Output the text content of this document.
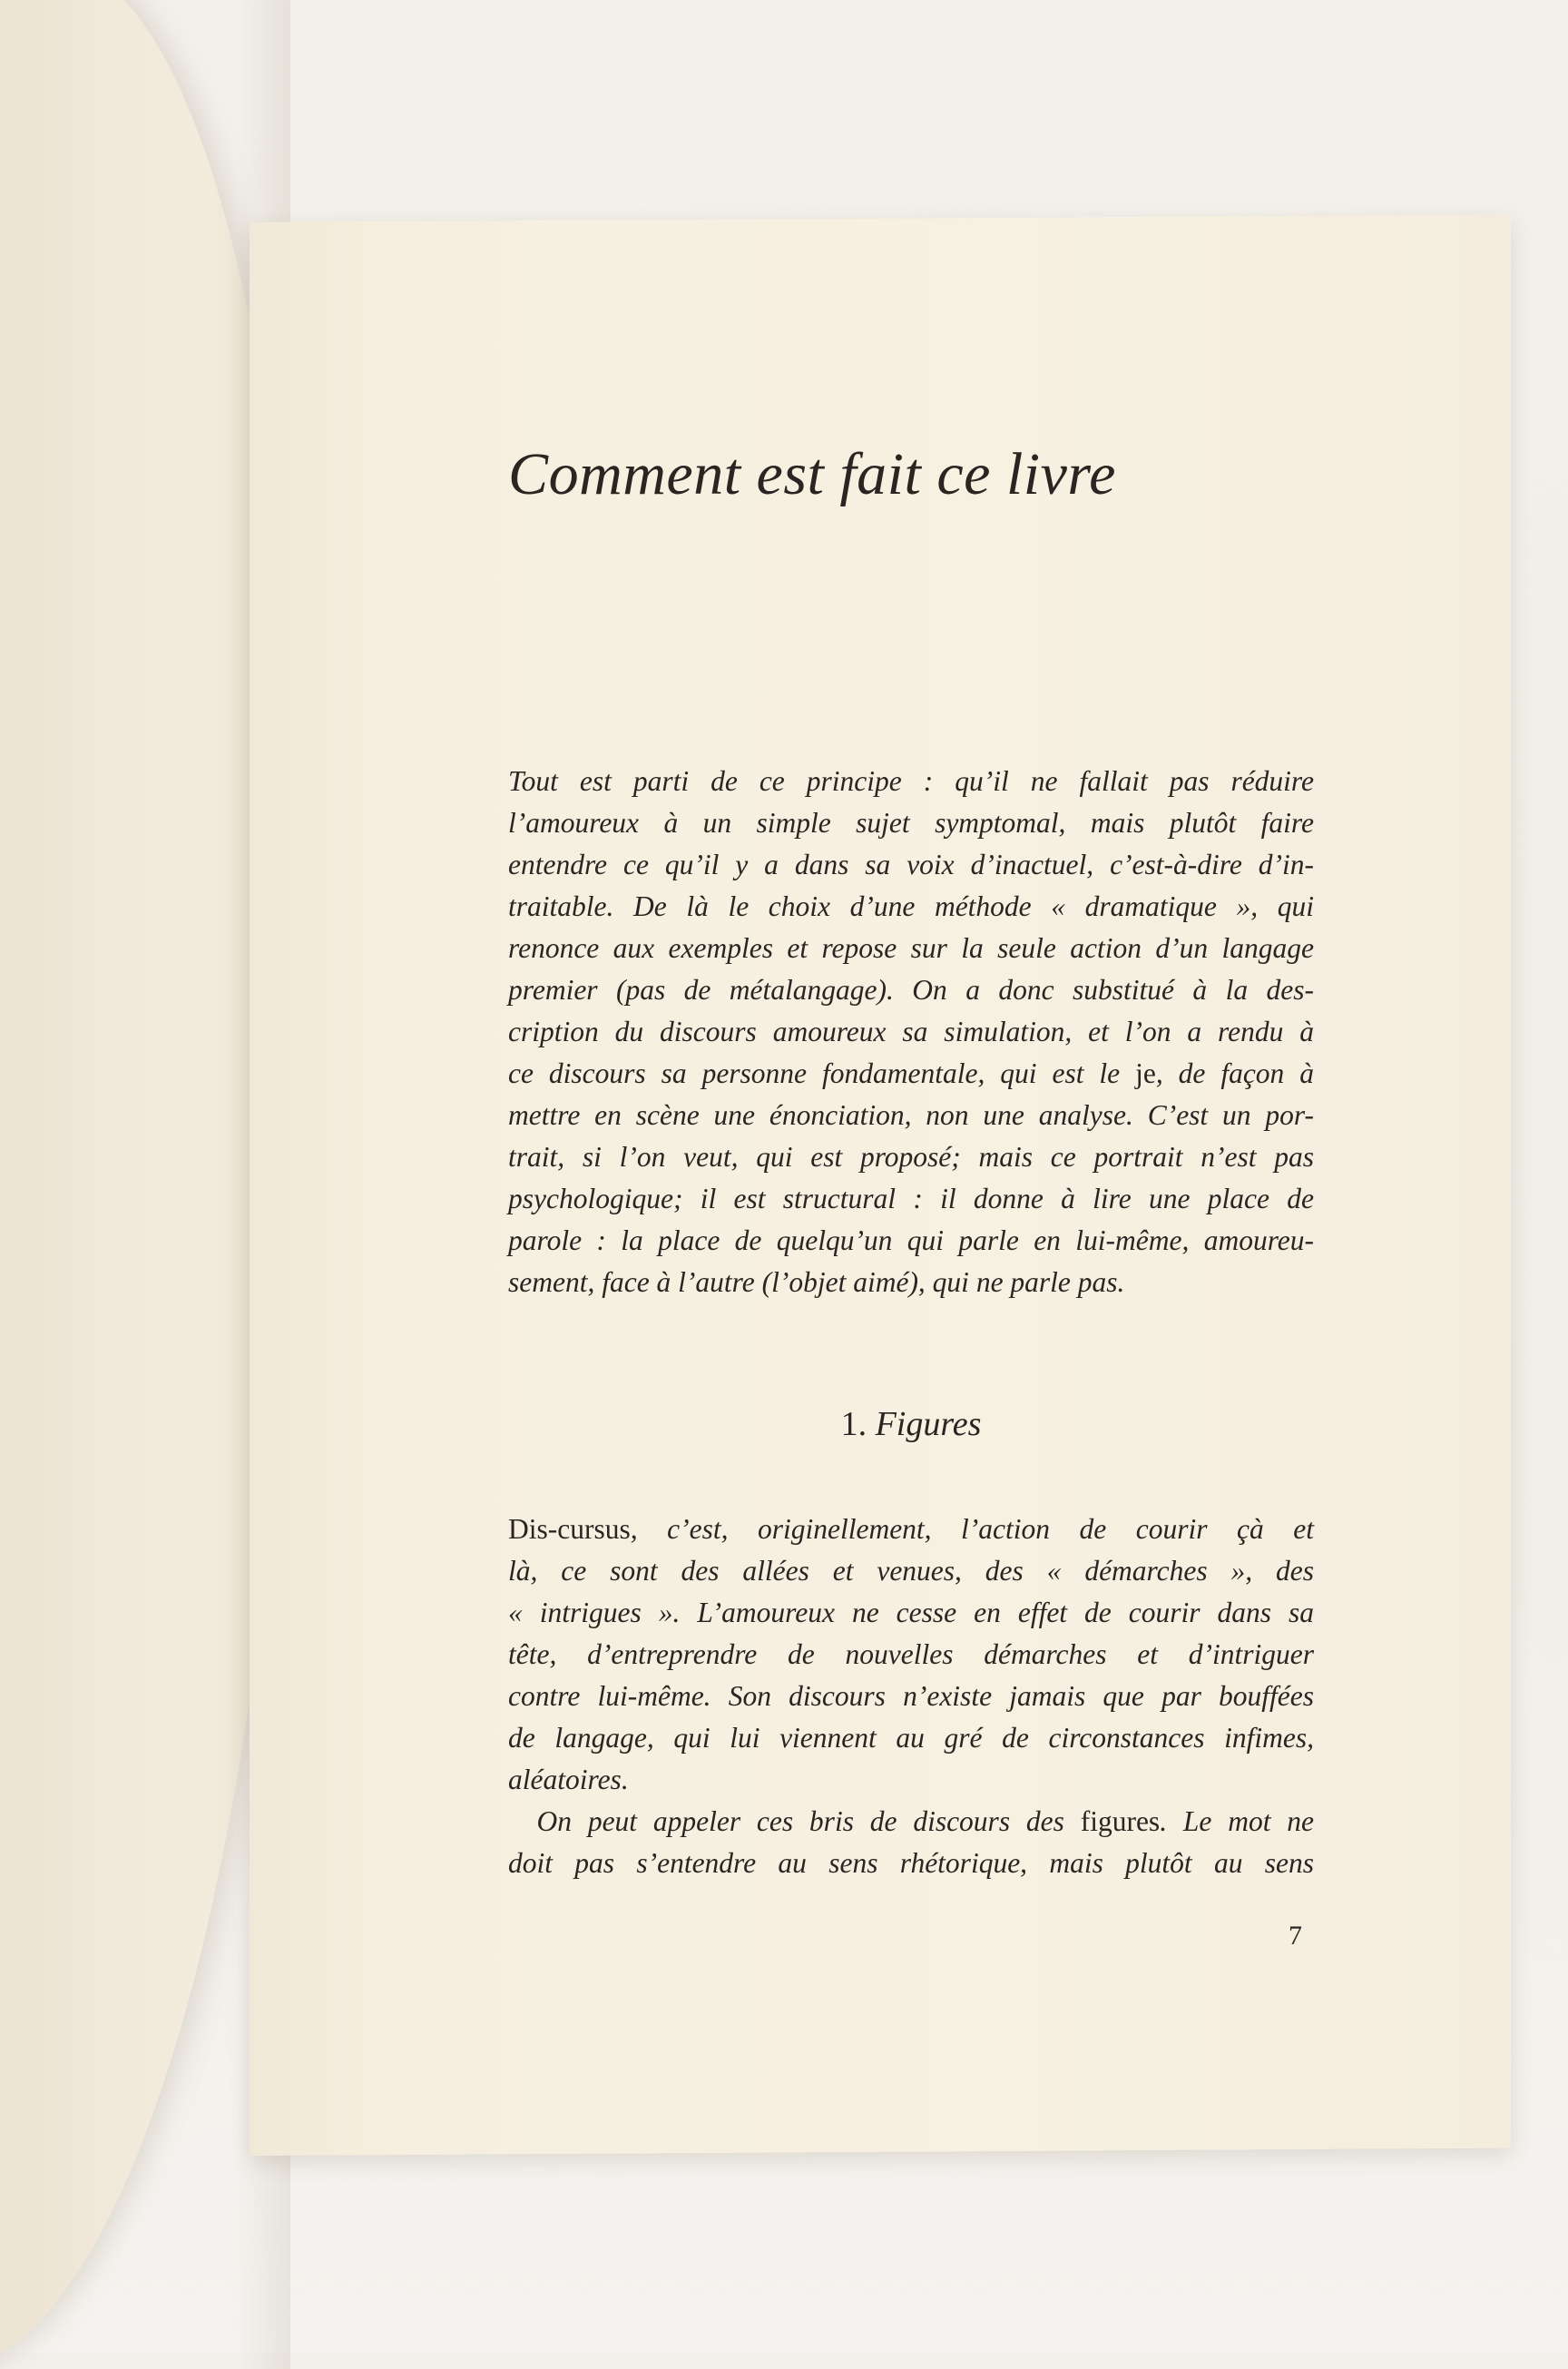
Comment est fait ce livre
Tout est parti de ce principe : qu’il ne fallait pas réduire
l’amoureux à un simple sujet symptomal, mais plutôt faire
entendre ce qu’il y a dans sa voix d’inactuel, c’est-à-dire d’in-
traitable. De là le choix d’une méthode « dramatique », qui
renonce aux exemples et repose sur la seule action d’un langage
premier (pas de métalangage). On a donc substitué à la des-
cription du discours amoureux sa simulation, et l’on a rendu à
ce discours sa personne fondamentale, qui est le je, de façon à
mettre en scène une énonciation, non une analyse. C’est un por-
trait, si l’on veut, qui est proposé; mais ce portrait n’est pas
psychologique; il est structural : il donne à lire une place de
parole : la place de quelqu’un qui parle en lui-même, amoureu-
sement, face à l’autre (l’objet aimé), qui ne parle pas.
1. Figures
Dis-cursus, c’est, originellement, l’action de courir çà et
là, ce sont des allées et venues, des « démarches », des
« intrigues ». L’amoureux ne cesse en effet de courir dans sa
tête, d’entreprendre de nouvelles démarches et d’intriguer
contre lui-même. Son discours n’existe jamais que par bouffées
de langage, qui lui viennent au gré de circonstances infimes,
aléatoires.
 On peut appeler ces bris de discours des figures. Le mot ne
doit pas s’entendre au sens rhétorique, mais plutôt au sens
7
